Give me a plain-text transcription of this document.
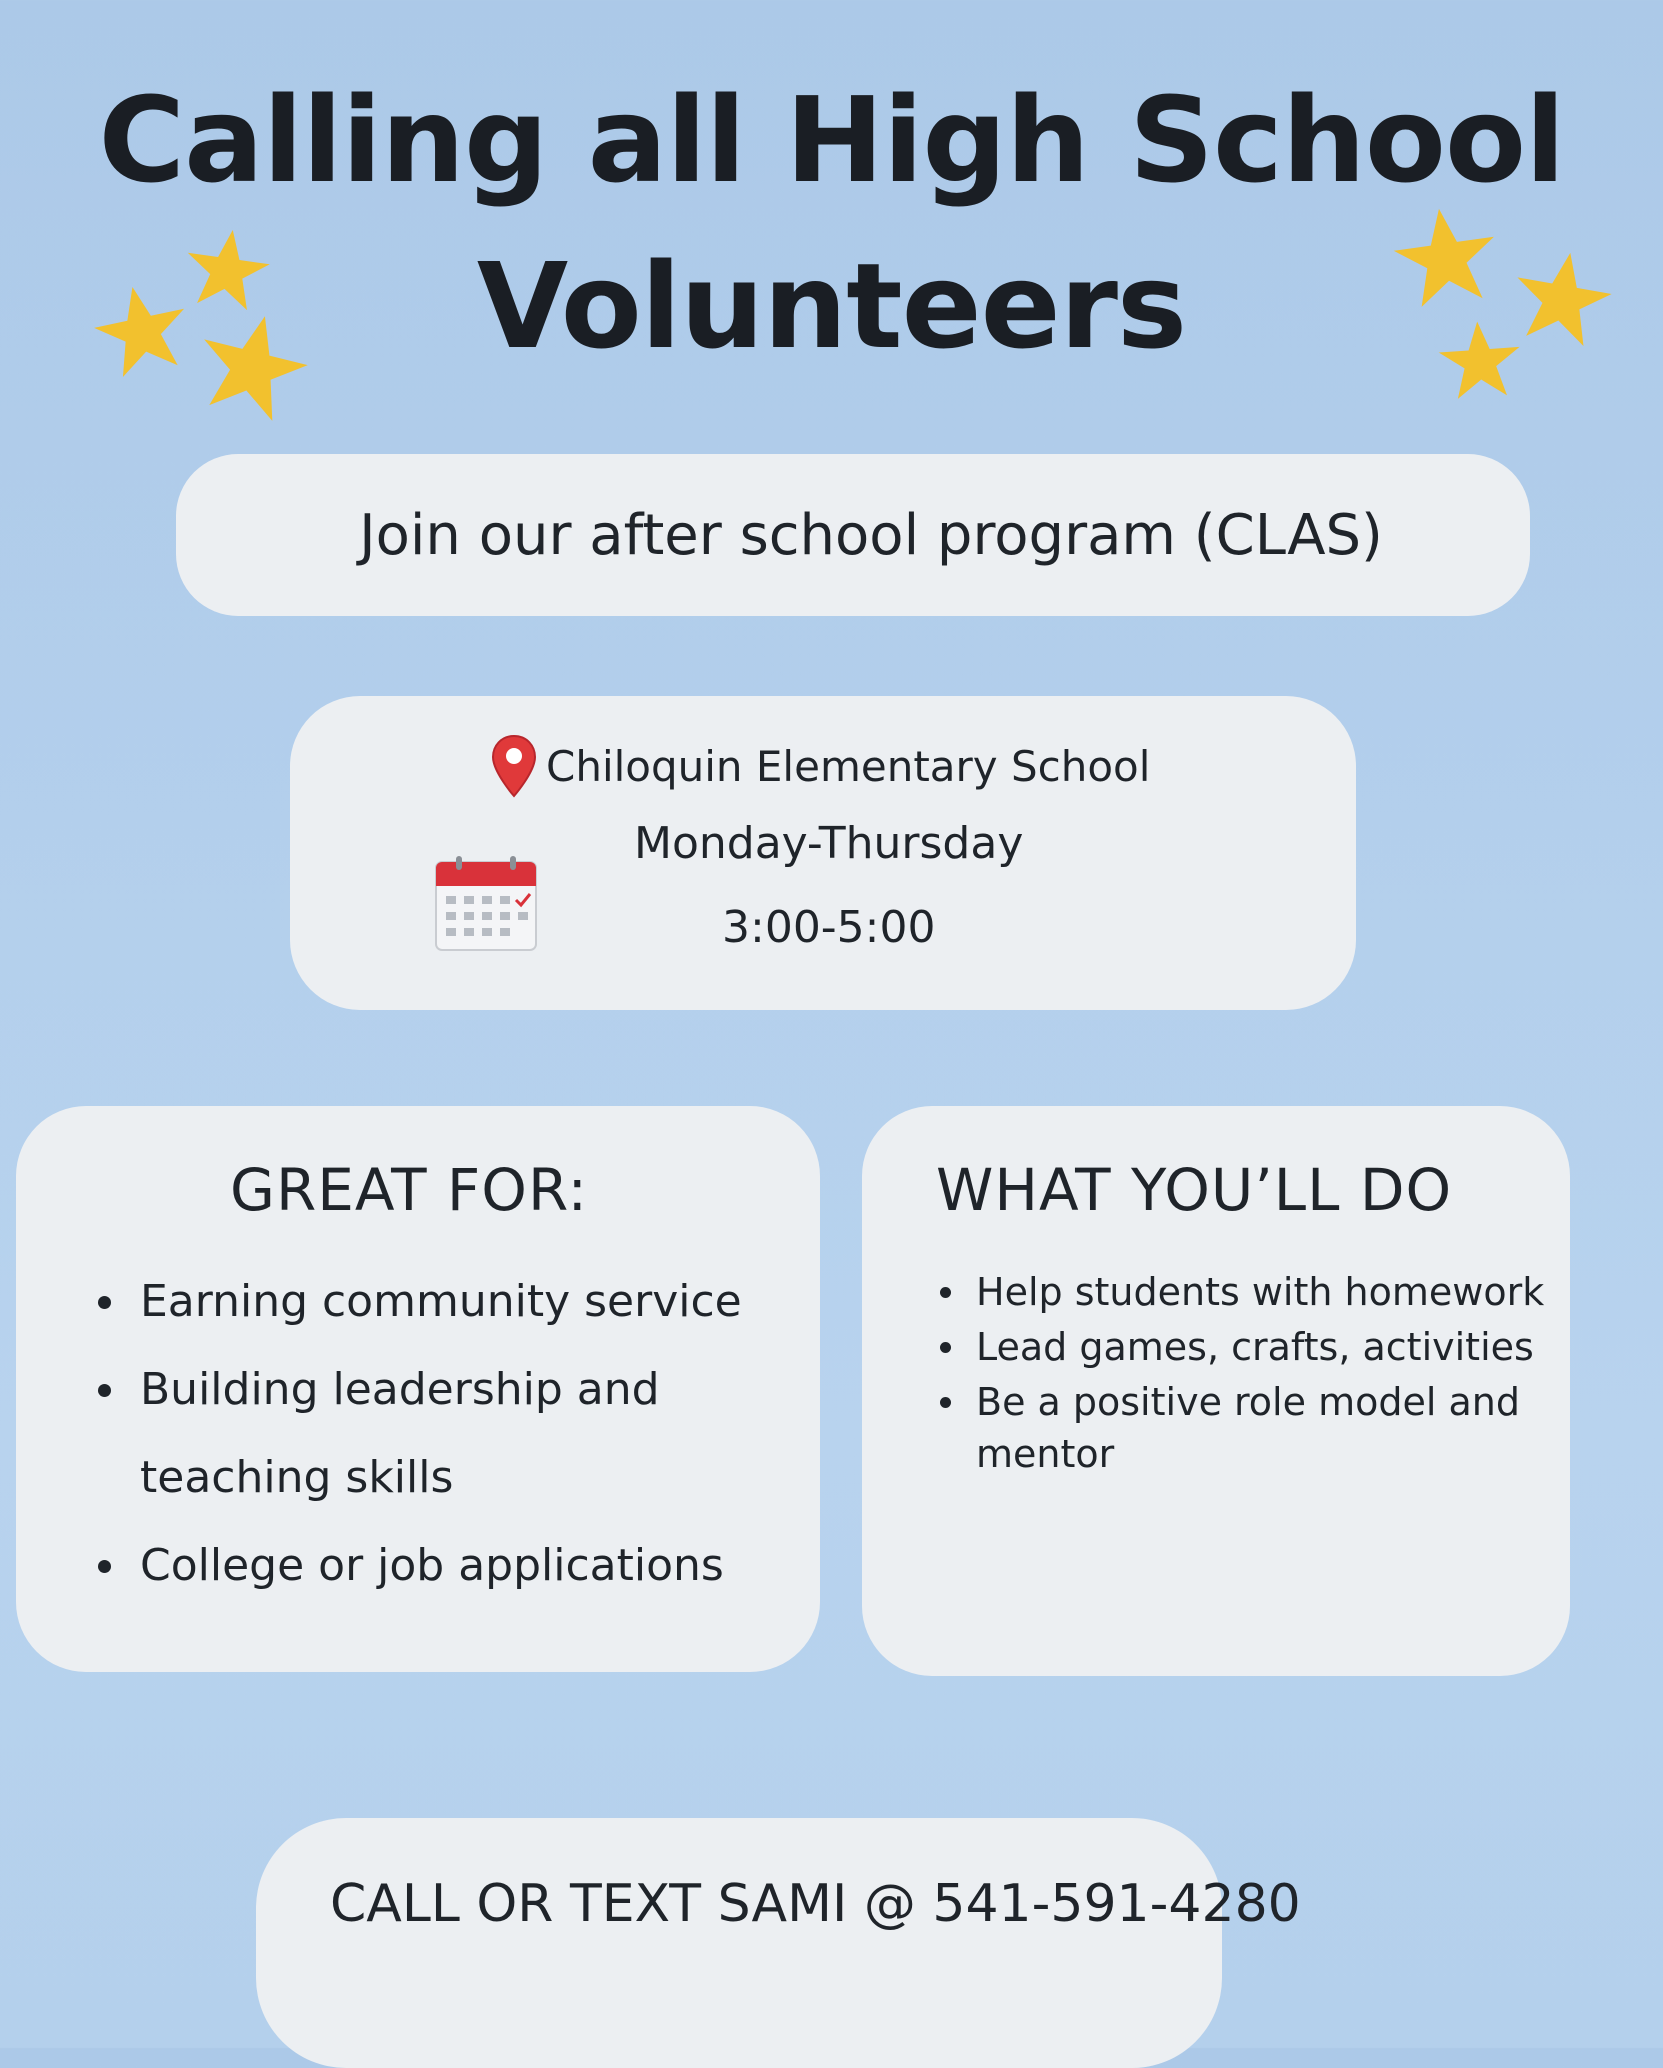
Calling all High School
Volunteers
Join our after school program (CLAS)
Chiloquin Elementary School
Monday-Thursday
3:00-5:00
GREAT FOR:
Earning community service
Building leadership and teaching skills
College or job applications
WHAT YOU’LL DO
Help students with homework
Lead games, crafts, activities
Be a positive role model and mentor
CALL OR TEXT SAMI @ 541-591-4280
